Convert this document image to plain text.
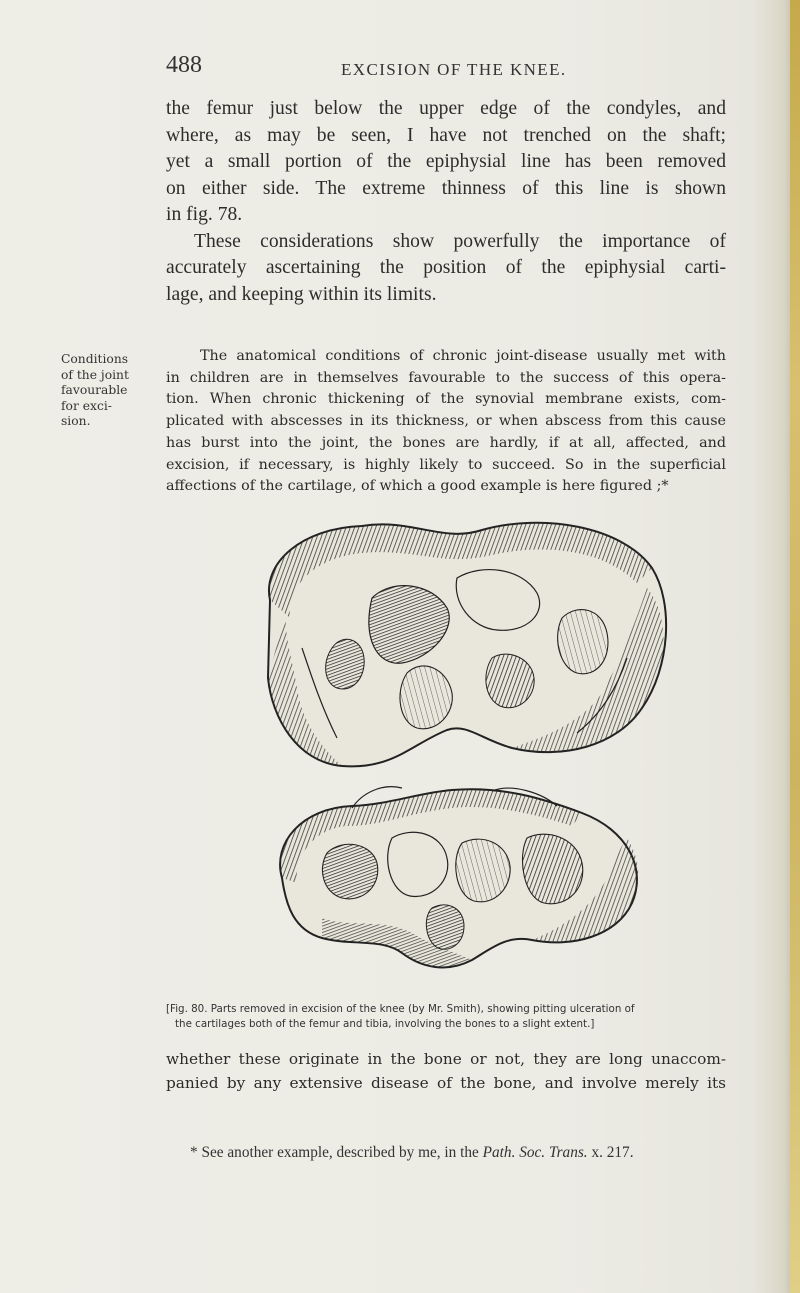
488	EXCISION OF THE KNEE.

the femur just below the upper edge of the condyles, and
where, as may be seen, I have not trenched on the shaft;
yet a small portion of the epiphysial line has been removed
on either side. The extreme thinness of this line is shown
in fig. 78.

These considerations show powerfully the importance of
accurately ascertaining the position of the epiphysial carti-
lage, and keeping within its limits.

Conditions
of the joint
favourable
for exci-
sion.

The anatomical conditions of chronic joint-disease usually met with
in children are in themselves favourable to the success of this opera-
tion. When chronic thickening of the synovial membrane exists, com-
plicated with abscesses in its thickness, or when abscess from this cause
has burst into the joint, the bones are hardly, if at all, affected, and
excision, if necessary, is highly likely to succeed. So in the superficial
affections of the cartilage, of which a good example is here figured ;*

[Fig. 80. Parts removed in excision of the knee (by Mr. Smith), showing pitting ulceration of
the cartilages both of the femur and tibia, involving the bones to a slight extent.]

whether these originate in the bone or not, they are long unaccom-
panied by any extensive disease of the bone, and involve merely its

* See another example, described by me, in the Path. Soc. Trans. x. 217.
